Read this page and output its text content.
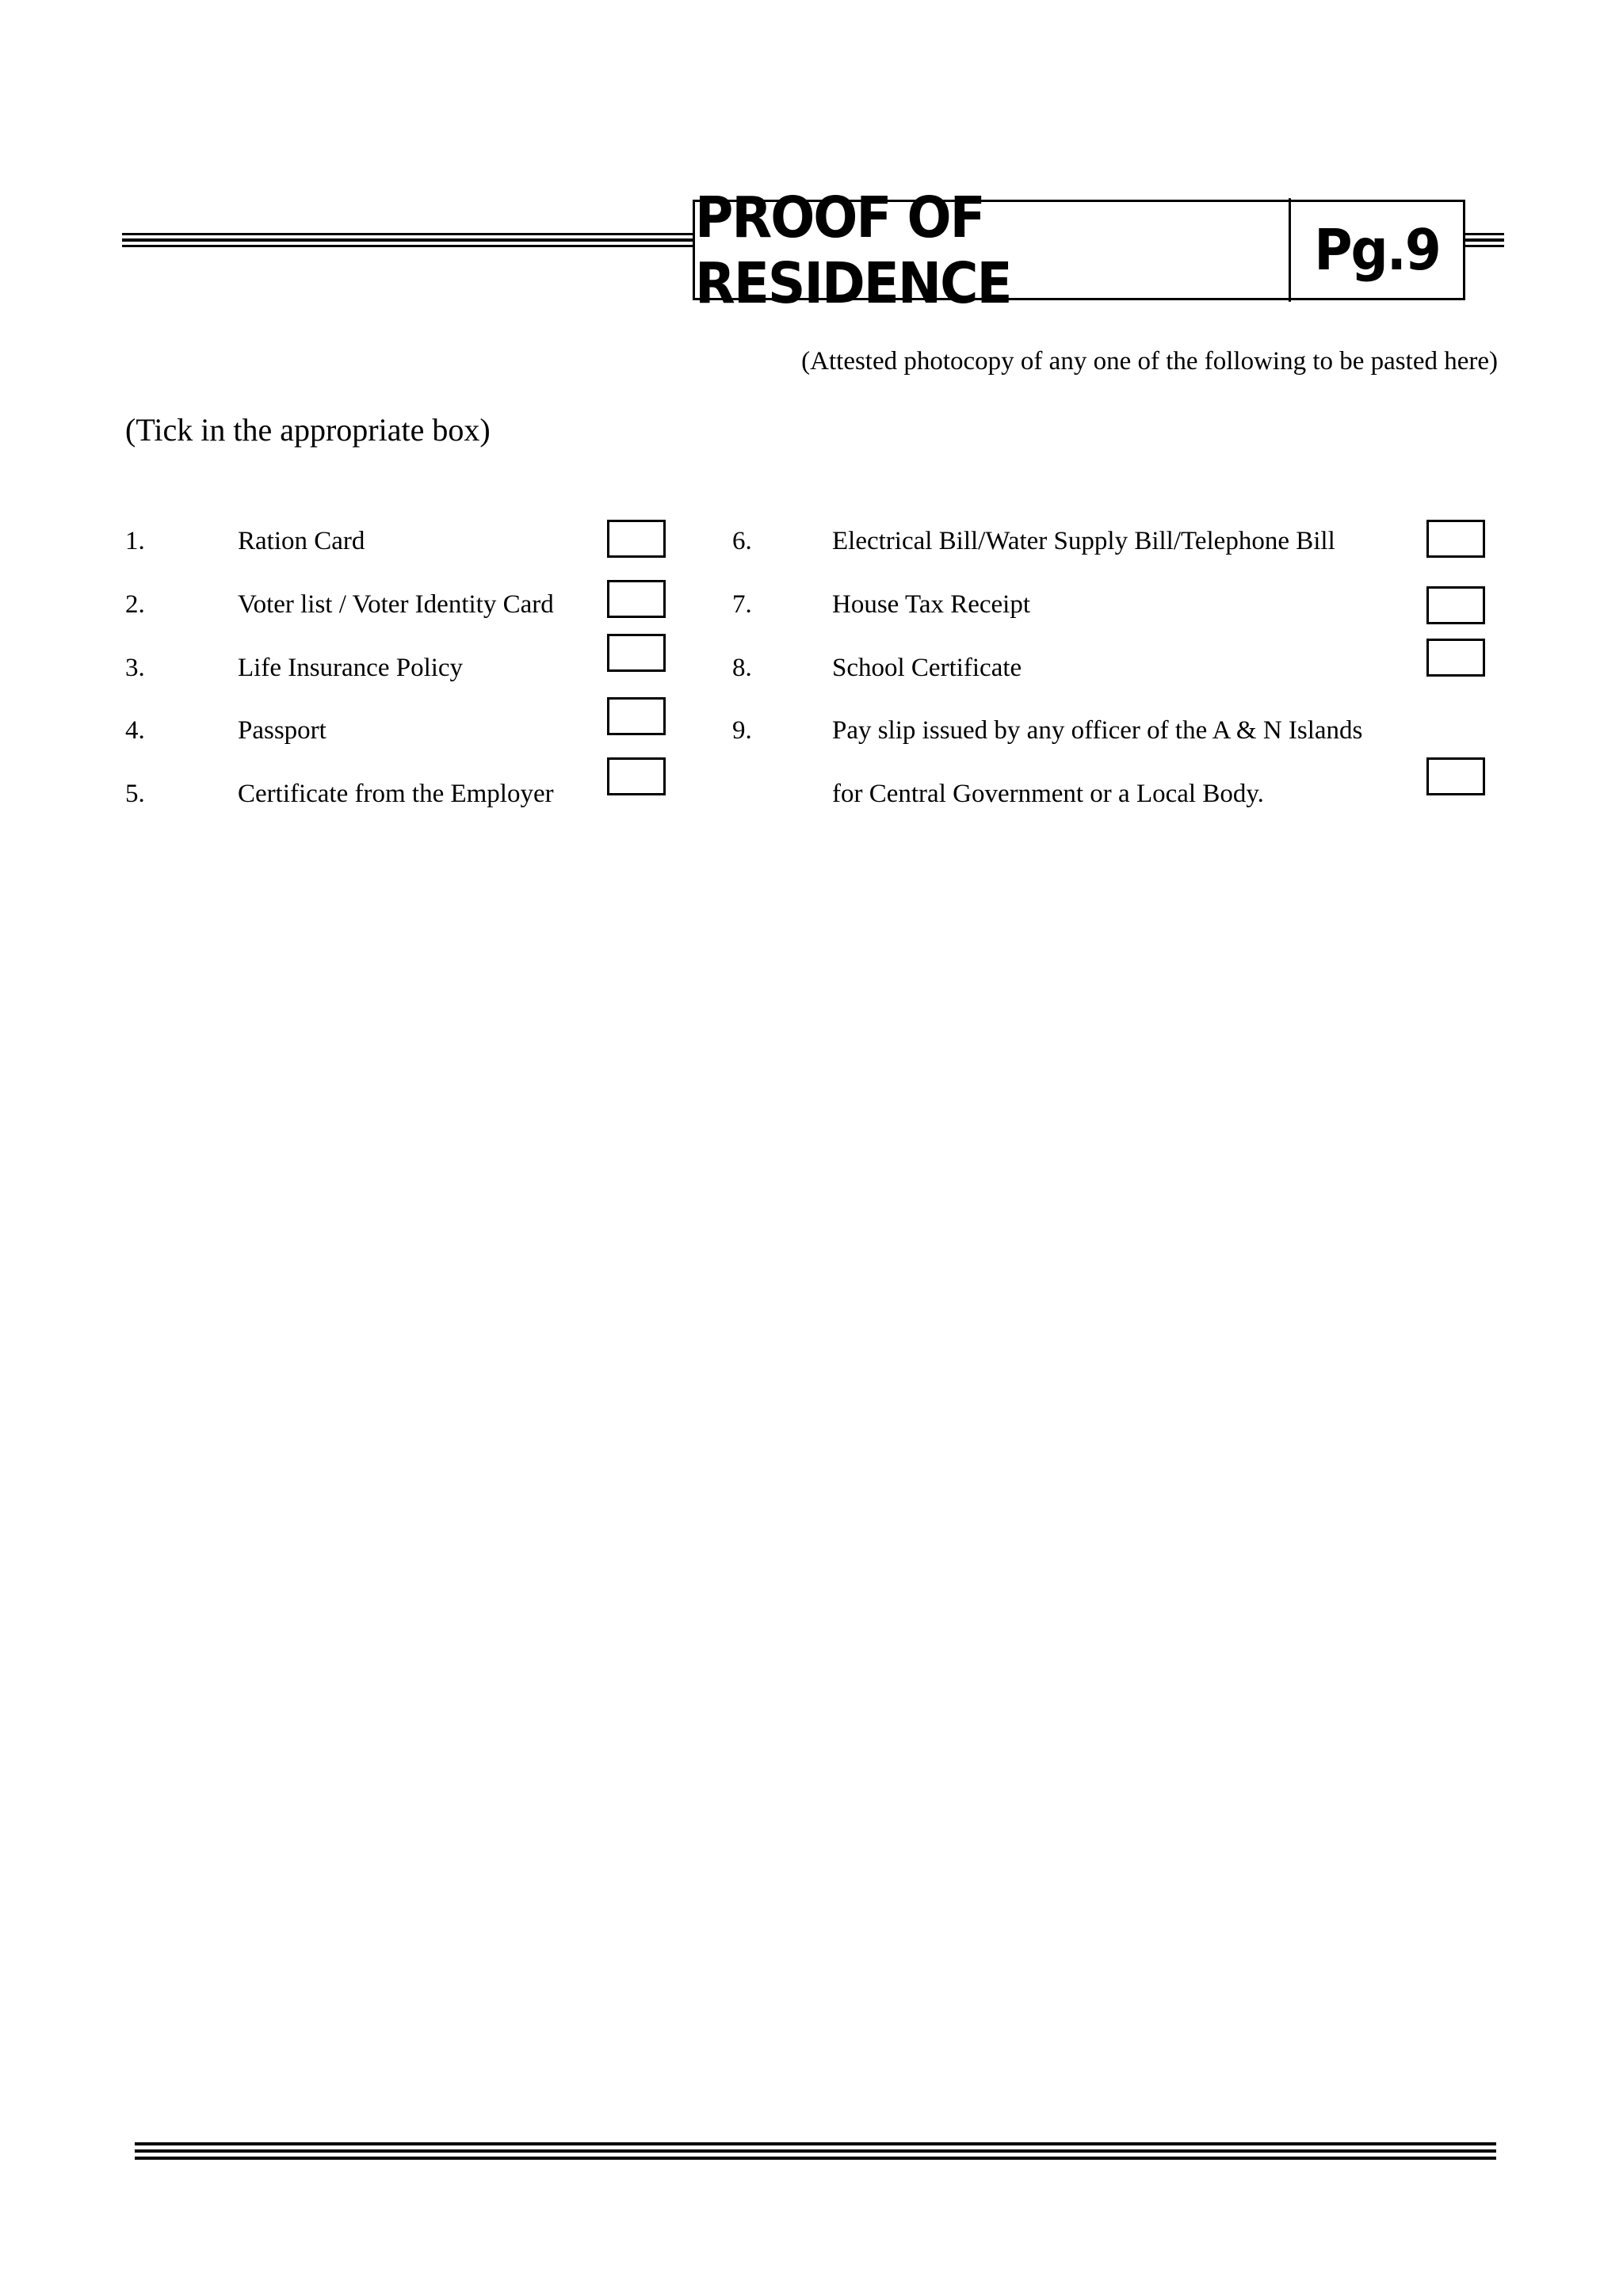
PROOF OF RESIDENCE	Pg.9
(Attested photocopy of any one of the following to be pasted here)
(Tick in the appropriate box)
1.	Ration Card
2.	Voter list / Voter Identity Card
3.	Life Insurance Policy
4.	Passport
5.	Certificate from the Employer
6.	Electrical Bill/Water Supply Bill/Telephone Bill
7.	House Tax Receipt
8.	School Certificate
9.	Pay slip issued by any officer of the A & N Islands
for Central Government or a Local Body.
